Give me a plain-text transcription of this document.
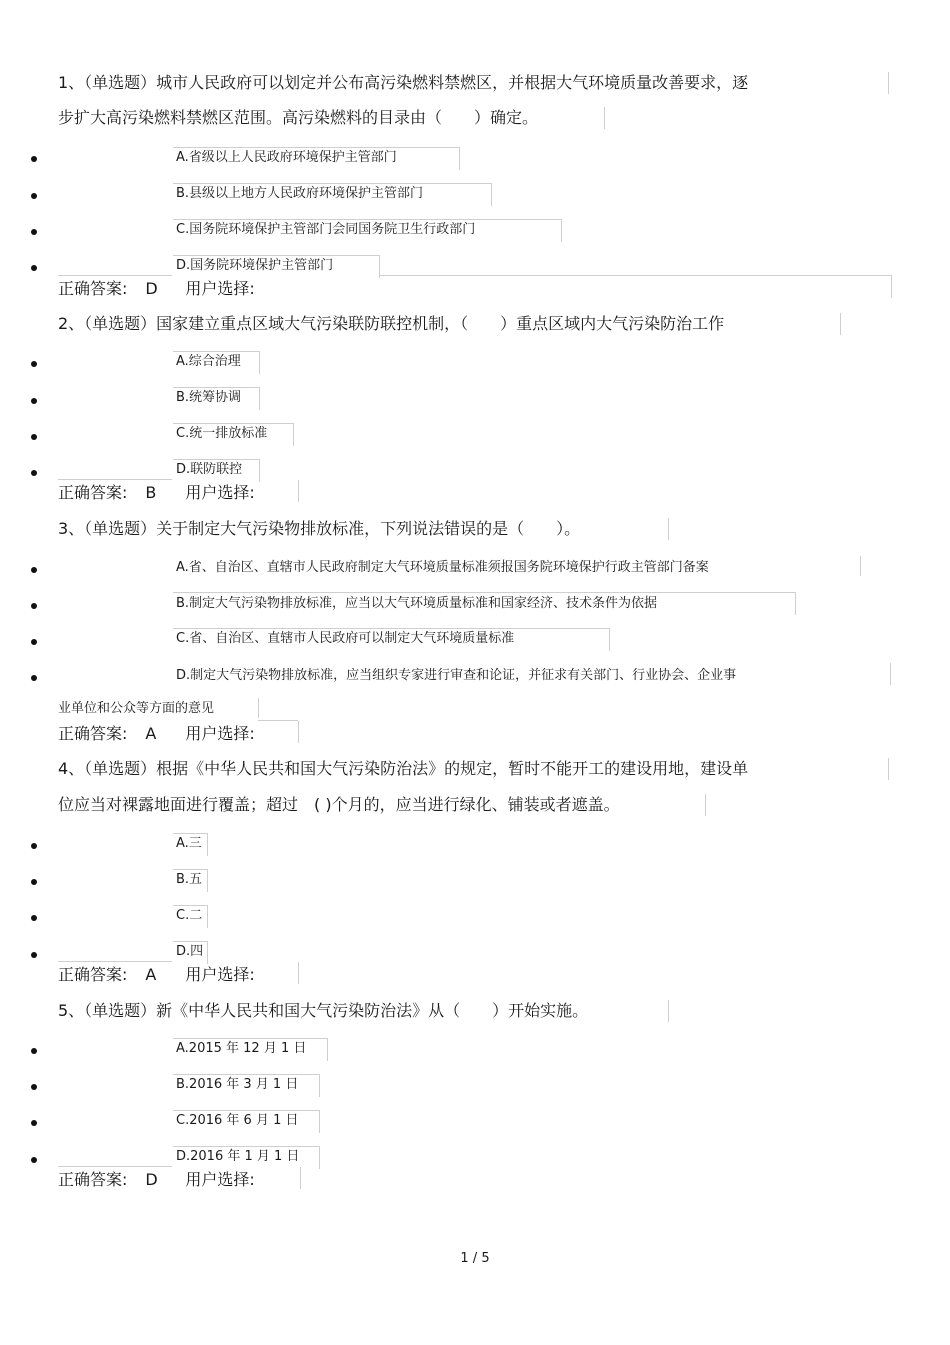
1、（单选题）城市人民政府可以划定并公布高污染燃料禁燃区，并根据大气环境质量改善要求，逐
步扩大高污染燃料禁燃区范围。高污染燃料的目录由（　　）确定。
A.省级以上人民政府环境保护主管部门
B.县级以上地方人民政府环境保护主管部门
C.国务院环境保护主管部门会同国务院卫生行政部门
D.国务院环境保护主管部门
正确答案: D 用户选择:
2、（单选题）国家建立重点区域大气污染联防联控机制，（　　）重点区域内大气污染防治工作
A.综合治理
B.统筹协调
C.统一排放标准
D.联防联控
正确答案: B 用户选择:
3、（单选题）关于制定大气污染物排放标准，下列说法错误的是（　　）。
A.省、自治区、直辖市人民政府制定大气环境质量标准须报国务院环境保护行政主管部门备案
B.制定大气污染物排放标准，应当以大气环境质量标准和国家经济、技术条件为依据
C.省、自治区、直辖市人民政府可以制定大气环境质量标准
D.制定大气污染物排放标准，应当组织专家进行审查和论证，并征求有关部门、行业协会、企业事
业单位和公众等方面的意见
正确答案: A 用户选择:
4、（单选题）根据《中华人民共和国大气污染防治法》的规定，暂时不能开工的建设用地，建设单
位应当对裸露地面进行覆盖；超过　( )个月的，应当进行绿化、铺装或者遮盖。
A.三
B.五
C.二
D.四
正确答案: A 用户选择:
5、（单选题）新《中华人民共和国大气污染防治法》从（　　）开始实施。
A.2015 年 12 月 1 日
B.2016 年 3 月 1 日
C.2016 年 6 月 1 日
D.2016 年 1 月 1 日
正确答案: D 用户选择:
1 / 5
